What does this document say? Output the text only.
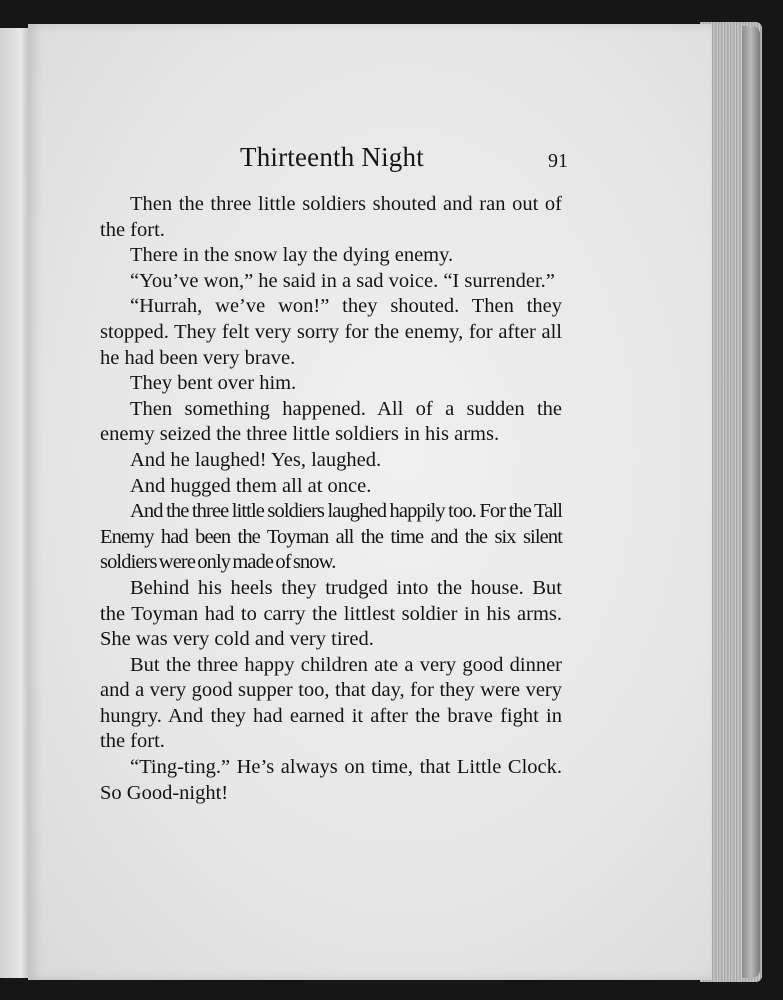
Thirteenth Night	91

Then the three little soldiers shouted and ran out of the fort.

There in the snow lay the dying enemy.

“You’ve won,” he said in a sad voice. “I surrender.”

“Hurrah, we’ve won!” they shouted. Then they stopped. They felt very sorry for the enemy, for after all he had been very brave.

They bent over him.

Then something happened. All of a sudden the enemy seized the three little soldiers in his arms.

And he laughed! Yes, laughed.

And hugged them all at once.

And the three little soldiers laughed happily too. For the Tall Enemy had been the Toyman all the time and the six silent soldiers were only made of snow.

Behind his heels they trudged into the house. But the Toyman had to carry the littlest soldier in his arms. She was very cold and very tired.

But the three happy children ate a very good dinner and a very good supper too, that day, for they were very hungry. And they had earned it after the brave fight in the fort.

“Ting-ting.” He’s always on time, that Little Clock. So Good-night!
